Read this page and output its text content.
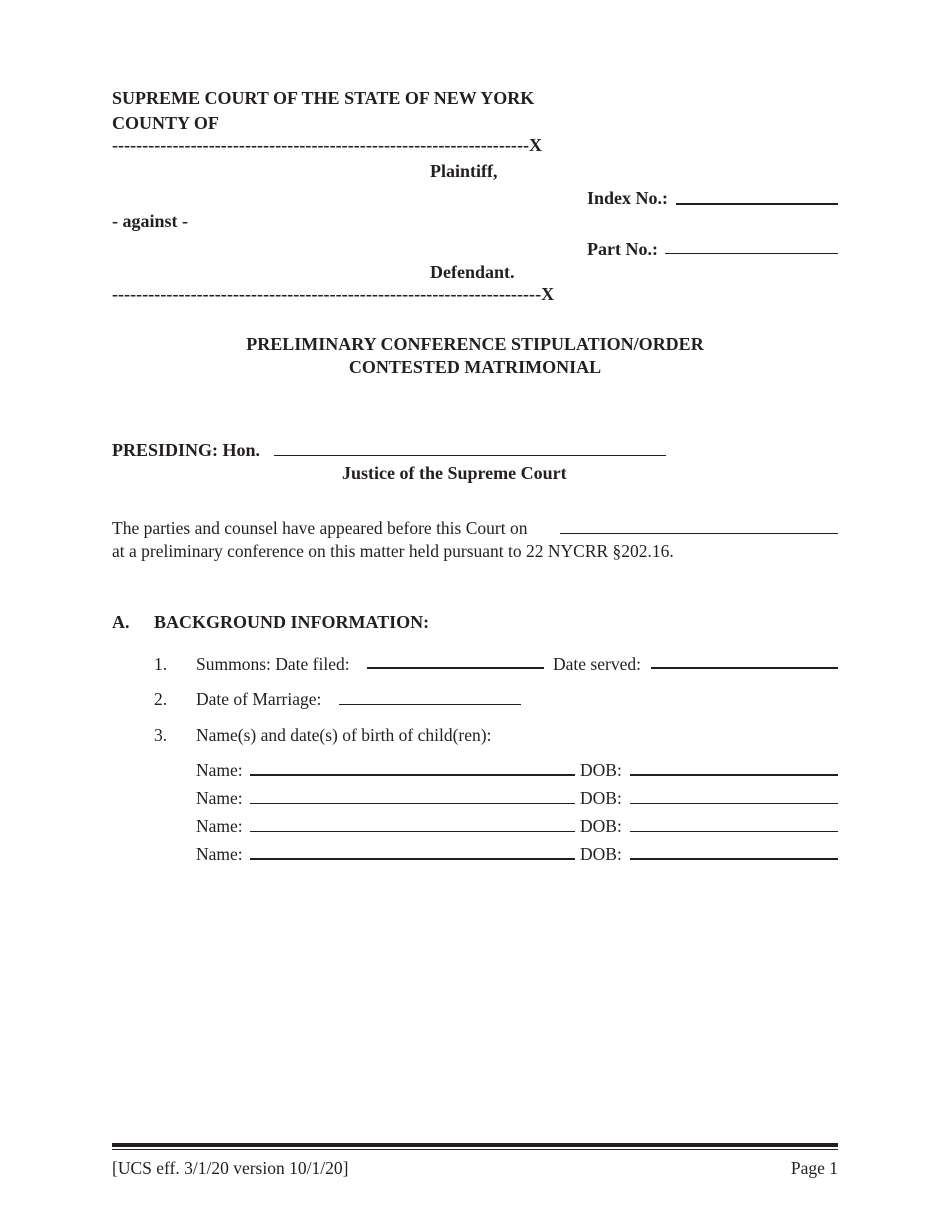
SUPREME COURT OF THE STATE OF NEW YORK
COUNTY OF
---------------------------------------------------------------------X
Plaintiff,
Index No.:
- against -
Part No.:
Defendant.
-----------------------------------------------------------------------X
PRELIMINARY CONFERENCE STIPULATION/ORDER
CONTESTED MATRIMONIAL
PRESIDING: Hon.
Justice of the Supreme Court
The parties and counsel have appeared before this Court on
at a preliminary conference on this matter held pursuant to 22 NYCRR §202.16.
A. BACKGROUND INFORMATION:
1. Summons: Date filed:	Date served:
2. Date of Marriage:
3. Name(s) and date(s) of birth of child(ren):
Name:	DOB:
Name:	DOB:
Name:	DOB:
Name:	DOB:
[UCS eff. 3/1/20 version 10/1/20]	Page 1
